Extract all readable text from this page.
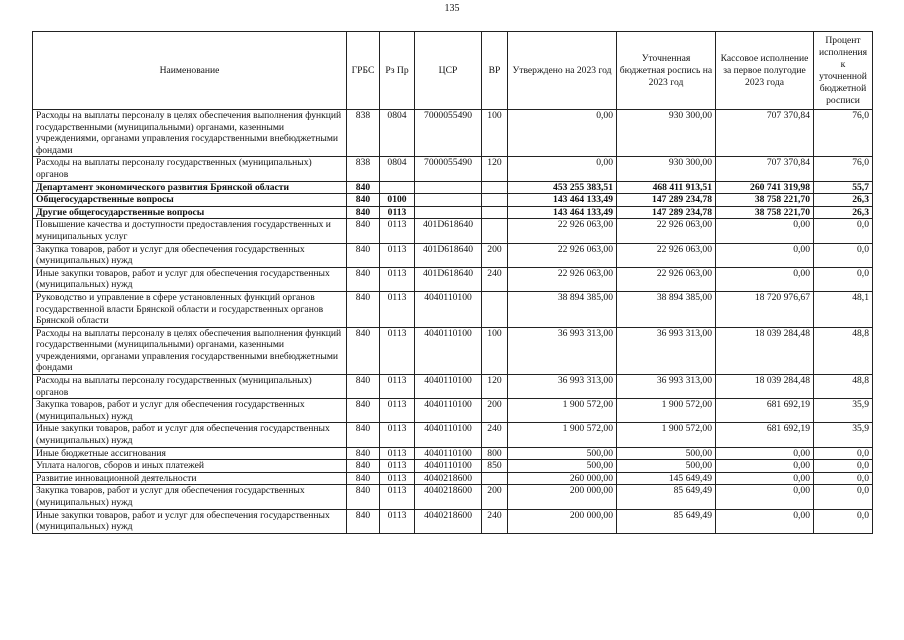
135
Наименование	ГРБС	Рз Пр	ЦСР	ВР	Утверждено на 2023 год	Уточненная бюджетная роспись на 2023 год	Кассовое исполнение за первое полугодие 2023 года	Процент исполнения к уточненной бюджетной росписи
Расходы на выплаты персоналу в целях обеспечения выполнения функций государственными (муниципальными) органами, казенными учреждениями, органами управления государственными внебюджетными фондами	838	0804	7000055490	100	0,00	930 300,00	707 370,84	76,0
Расходы на выплаты персоналу государственных (муниципальных) органов	838	0804	7000055490	120	0,00	930 300,00	707 370,84	76,0
Департамент экономического развития Брянской области	840				453 255 383,51	468 411 913,51	260 741 319,98	55,7
Общегосударственные вопросы	840	0100			143 464 133,49	147 289 234,78	38 758 221,70	26,3
Другие общегосударственные вопросы	840	0113			143 464 133,49	147 289 234,78	38 758 221,70	26,3
Повышение качества и доступности предоставления государственных и муниципальных услуг	840	0113	401D618640		22 926 063,00	22 926 063,00	0,00	0,0
Закупка товаров, работ и услуг для обеспечения государственных (муниципальных) нужд	840	0113	401D618640	200	22 926 063,00	22 926 063,00	0,00	0,0
Иные закупки товаров, работ и услуг для обеспечения государственных (муниципальных) нужд	840	0113	401D618640	240	22 926 063,00	22 926 063,00	0,00	0,0
Руководство и управление в сфере установленных функций органов государственной власти Брянской области и государственных органов Брянской области	840	0113	4040110100		38 894 385,00	38 894 385,00	18 720 976,67	48,1
Расходы на выплаты персоналу в целях обеспечения выполнения функций государственными (муниципальными) органами, казенными учреждениями, органами управления государственными внебюджетными фондами	840	0113	4040110100	100	36 993 313,00	36 993 313,00	18 039 284,48	48,8
Расходы на выплаты персоналу государственных (муниципальных) органов	840	0113	4040110100	120	36 993 313,00	36 993 313,00	18 039 284,48	48,8
Закупка товаров, работ и услуг для обеспечения государственных (муниципальных) нужд	840	0113	4040110100	200	1 900 572,00	1 900 572,00	681 692,19	35,9
Иные закупки товаров, работ и услуг для обеспечения государственных (муниципальных) нужд	840	0113	4040110100	240	1 900 572,00	1 900 572,00	681 692,19	35,9
Иные бюджетные ассигнования	840	0113	4040110100	800	500,00	500,00	0,00	0,0
Уплата налогов, сборов и иных платежей	840	0113	4040110100	850	500,00	500,00	0,00	0,0
Развитие инновационной деятельности	840	0113	4040218600		260 000,00	145 649,49	0,00	0,0
Закупка товаров, работ и услуг для обеспечения государственных (муниципальных) нужд	840	0113	4040218600	200	200 000,00	85 649,49	0,00	0,0
Иные закупки товаров, работ и услуг для обеспечения государственных (муниципальных) нужд	840	0113	4040218600	240	200 000,00	85 649,49	0,00	0,0
